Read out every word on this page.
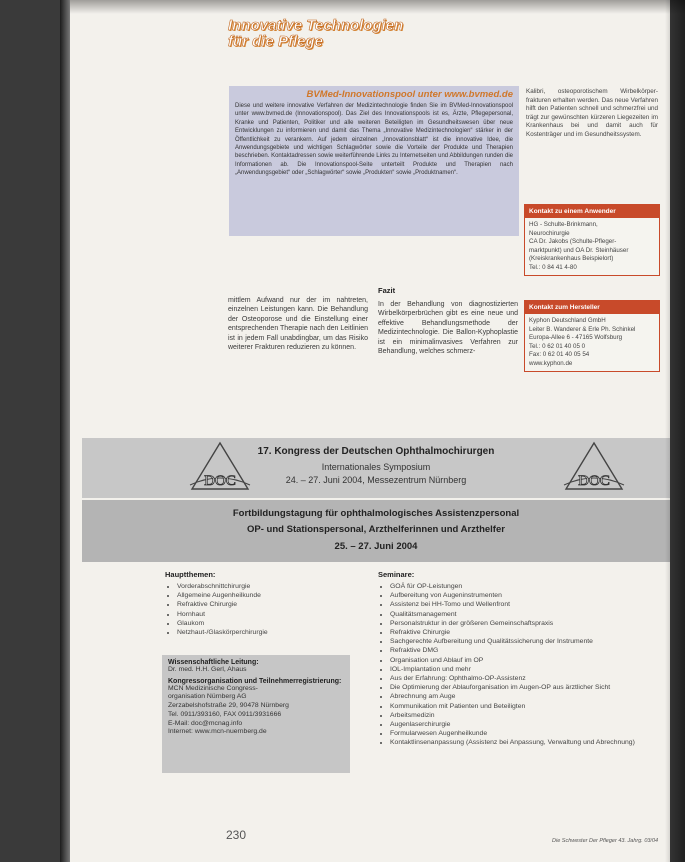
Innovative Technologien
für die Pflege
BVMed-Innovationspool unter www.bvmed.de
Diese und weitere innovative Verfahren der Medizintechnologie finden Sie im BVMed-Innovationspool unter www.bvmed.de (Innovationspool). Das Ziel des Innovationspools ist es, Ärzte, Pflegepersonal, Kranke und Patienten, Politiker und alle weiteren Beteiligten im Gesundheitswesen über neue Entwicklungen zu informieren und damit das Thema „Innovative Medizintechnologien“ stärker in der Öffentlichkeit zu verankern. Auf jedem einzelnen „Innovationsblatt“ ist die innovative Idee, die Anwendungsgebiete und wichtigen Schlagwörter sowie die Vorteile der Produkte und Therapien beschrieben. Kontaktadressen sowie weiterführende Links zu Internetseiten und Abbildungen runden die Informationen ab. Die Innovationspool-Seite unterteilt Produkte und Therapien nach „Anwendungsgebiet“ oder „Schlagwörter“ sowie „Produkten“ sowie „Produktnamen“.
Kalibri, osteoporotischem Wirbelkörper-frakturen erhalten werden. Das neue Verfahren hilft den Patienten schnell und schmerzfrei und trägt zur gewünschten kürzeren Liegezeiten im Krankenhaus bei und damit auch für Kostenträger und im Gesundheitssystem.
Kontakt zu einem Anwender
HG - Schulte-Brinkmann,
Neurochirurgie
CA Dr. Jakobs (Schulte-Pfleger-
marktpunkt) und OA Dr. Steinhäuser
(Kreiskrankenhaus Beispielort)
Tel.: 0 84 41 4-80
Kontakt zum Hersteller
Kyphon Deutschland GmbH
Leiter B. Wanderer & Erle Ph. Schinkel
Europa-Allee 6 - 47165 Wolfsburg
Tel.: 0 62 01 40 05 0
Fax: 0 62 01 40 05 54
www.kyphon.de
mittlem Aufwand nur der im nahtreten, einzelnen Leistungen kann. Die Behandlung der Osteoporose und die Einstellung einer entsprechenden Therapie nach den Leitlinien ist in jedem Fall unabdingbar, um das Risiko weiterer Frakturen reduzieren zu können.
Fazit
In der Behandlung von diagnostizierten Wirbelkörperbrüchen gibt es eine neue und effektive Behandlungsmethode der Medizintechnologie. Die Ballon-Kyphoplastie ist ein minimalinvasives Verfahren zur Behandlung, welches schmerz-
DOC	DOC
17. Kongress der Deutschen Ophthalmochirurgen
Internationales Symposium
24. – 27. Juni 2004, Messezentrum Nürnberg
Fortbildungstagung für ophthalmologisches Assistenzpersonal
OP- und Stationspersonal, Arzthelferinnen und Arzthelfer
25. – 27. Juni 2004
Hauptthemen:
• Vorderabschnittchirurgie
• Allgemeine Augenheilkunde
• Refraktive Chirurgie
• Hornhaut
• Glaukom
• Netzhaut-/Glaskörperchirurgie
Seminare:
• GOÄ für OP-Leistungen
• Aufbereitung von Augeninstrumenten
• Assistenz bei HH-Tomo und Wellenfront
• Qualitätsmanagement
• Personalstruktur in der größeren Gemeinschaftspraxis
• Refraktive Chirurgie
• Sachgerechte Aufbereitung und Qualitätssicherung der Instrumente
• Refraktive DMG
• Organisation und Ablauf im OP
• IOL-Implantation und mehr
• Aus der Erfahrung: Ophthalmo-OP-Assistenz
• Die Optimierung der Ablauforganisation im Augen-OP aus ärztlicher Sicht
• Abrechnung am Auge
• Kommunikation mit Patienten und Beteiligten
• Arbeitsmedizin
• Augenlaserchirurgie
• Formularwesen Augenheilkunde
• Kontaktlinsenanpassung (Assistenz bei Anpassung, Verwaltung und Abrechnung)
Wissenschaftliche Leitung:
Dr. med. H.H. Gerl, Ahaus
Kongressorganisation und Teilnehmerregistrierung:
MCN Medizinische Congress-
organisation Nürnberg AG
Zerzabelshofstraße 29, 90478 Nürnberg
Tel. 0911/393160, FAX 0911/3931666
E-Mail: doc@mcnag.info
Internet: www.mcn-nuernberg.de
230	Die Schwester Der Pfleger 43. Jahrg. 03/04
